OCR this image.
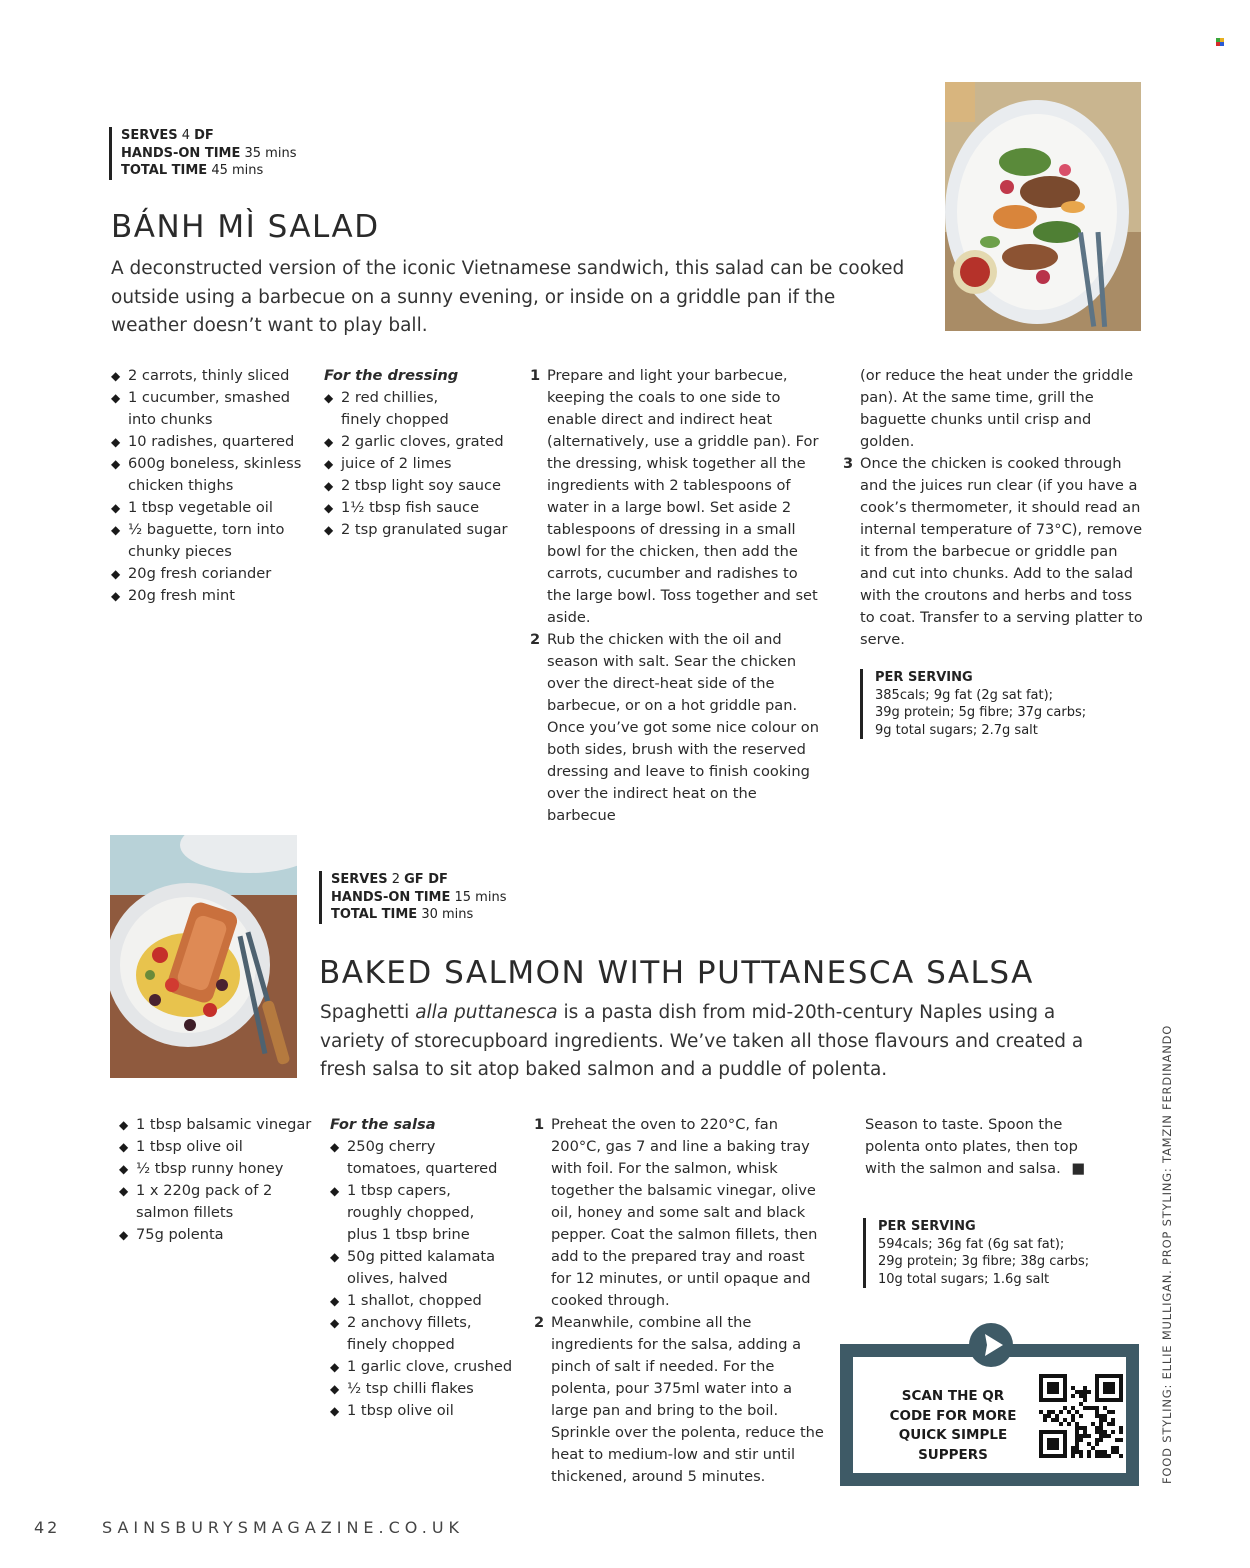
SERVES 4 DF
HANDS-ON TIME 35 mins
TOTAL TIME 45 mins
BÁNH MÌ SALAD
A deconstructed version of the iconic Vietnamese sandwich, this salad can be cooked outside using a barbecue on a sunny evening, or inside on a griddle pan if the weather doesn’t want to play ball.
◆ 2 carrots, thinly sliced
◆ 1 cucumber, smashed into chunks
◆ 10 radishes, quartered
◆ 600g boneless, skinless chicken thighs
◆ 1 tbsp vegetable oil
◆ ½ baguette, torn into chunky pieces
◆ 20g fresh coriander
◆ 20g fresh mint
For the dressing
◆ 2 red chillies, finely chopped
◆ 2 garlic cloves, grated
◆ juice of 2 limes
◆ 2 tbsp light soy sauce
◆ 1½ tbsp fish sauce
◆ 2 tsp granulated sugar
1 Prepare and light your barbecue, keeping the coals to one side to enable direct and indirect heat (alternatively, use a griddle pan). For the dressing, whisk together all the ingredients with 2 tablespoons of water in a large bowl. Set aside 2 tablespoons of dressing in a small bowl for the chicken, then add the carrots, cucumber and radishes to the large bowl. Toss together and set aside.
2 Rub the chicken with the oil and season with salt. Sear the chicken over the direct-heat side of the barbecue, or on a hot griddle pan. Once you’ve got some nice colour on both sides, brush with the reserved dressing and leave to finish cooking over the indirect heat on the barbecue
(or reduce the heat under the griddle pan). At the same time, grill the baguette chunks until crisp and golden.
3 Once the chicken is cooked through and the juices run clear (if you have a cook’s thermometer, it should read an internal temperature of 73°C), remove it from the barbecue or griddle pan and cut into chunks. Add to the salad with the croutons and herbs and toss to coat. Transfer to a serving platter to serve.
PER SERVING
385cals; 9g fat (2g sat fat);
39g protein; 5g fibre; 37g carbs;
9g total sugars; 2.7g salt
SERVES 2 GF DF
HANDS-ON TIME 15 mins
TOTAL TIME 30 mins
BAKED SALMON WITH PUTTANESCA SALSA
Spaghetti alla puttanesca is a pasta dish from mid-20th-century Naples using a variety of storecupboard ingredients. We’ve taken all those flavours and created a fresh salsa to sit atop baked salmon and a puddle of polenta.
◆ 1 tbsp balsamic vinegar
◆ 1 tbsp olive oil
◆ ½ tbsp runny honey
◆ 1 x 220g pack of 2 salmon fillets
◆ 75g polenta
For the salsa
◆ 250g cherry tomatoes, quartered
◆ 1 tbsp capers, roughly chopped, plus 1 tbsp brine
◆ 50g pitted kalamata olives, halved
◆ 1 shallot, chopped
◆ 2 anchovy fillets, finely chopped
◆ 1 garlic clove, crushed
◆ ½ tsp chilli flakes
◆ 1 tbsp olive oil
1 Preheat the oven to 220°C, fan 200°C, gas 7 and line a baking tray with foil. For the salmon, whisk together the balsamic vinegar, olive oil, honey and some salt and black pepper. Coat the salmon fillets, then add to the prepared tray and roast for 12 minutes, or until opaque and cooked through.
2 Meanwhile, combine all the ingredients for the salsa, adding a pinch of salt if needed. For the polenta, pour 375ml water into a large pan and bring to the boil. Sprinkle over the polenta, reduce the heat to medium-low and stir until thickened, around 5 minutes.
Season to taste. Spoon the polenta onto plates, then top with the salmon and salsa. ■
PER SERVING
594cals; 36g fat (6g sat fat);
29g protein; 3g fibre; 38g carbs;
10g total sugars; 1.6g salt
SCAN THE QR
CODE FOR MORE
QUICK SIMPLE
SUPPERS	FOOD STYLING: ELLIE MULLIGAN. PROP STYLING: TAMZIN FERDINANDO
42	SAINSBURYSMAGAZINE.CO.UK
